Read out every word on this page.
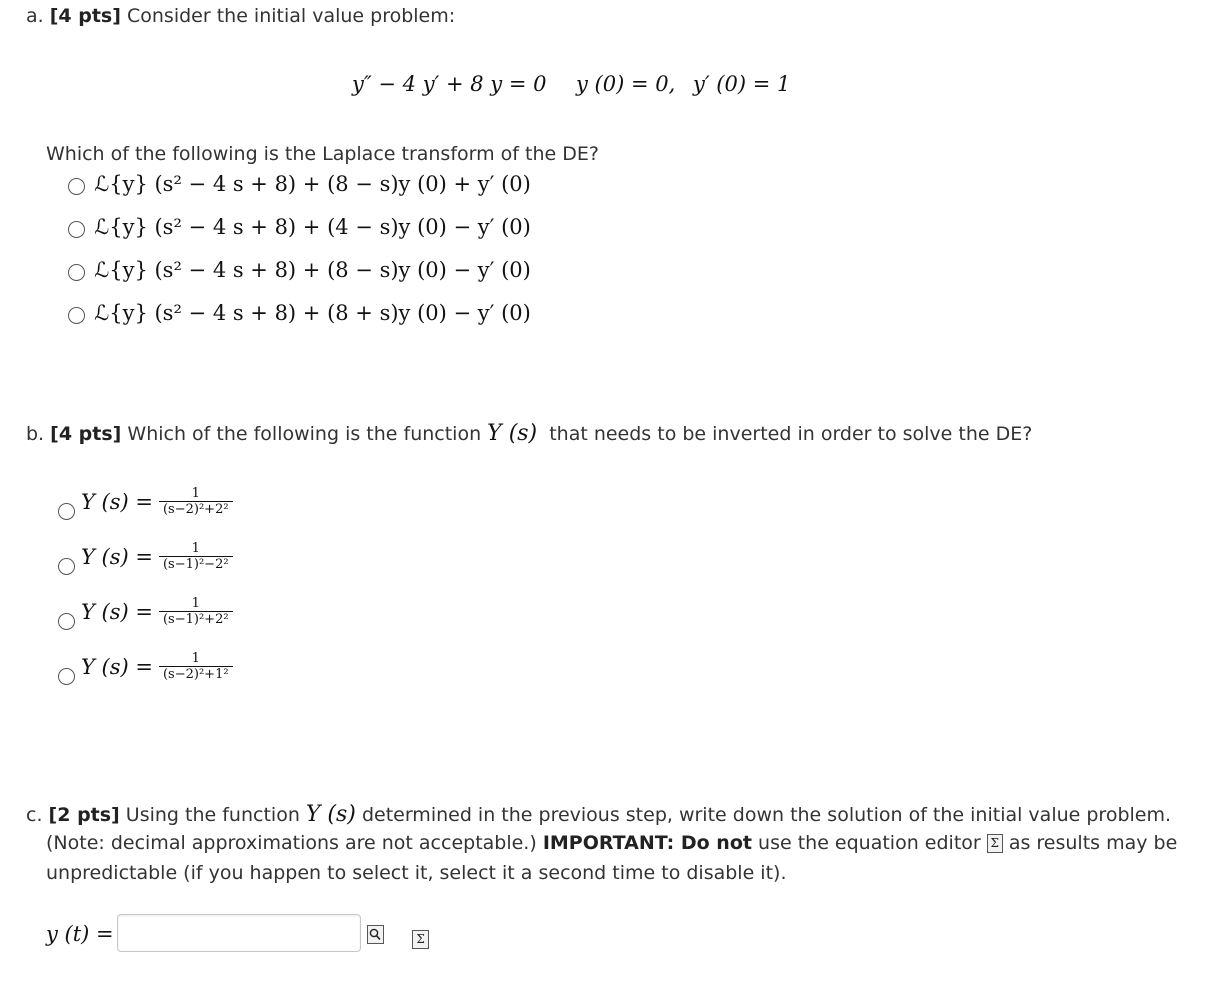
a. [4 pts] Consider the initial value problem:
y″ − 4 y′ + 8 y = 0 y (0) = 0, y′ (0) = 1
Which of the following is the Laplace transform of the DE?
ℒ{y} (s² − 4 s + 8) + (8 − s)y (0) + y′ (0)
ℒ{y} (s² − 4 s + 8) + (4 − s)y (0) − y′ (0)
ℒ{y} (s² − 4 s + 8) + (8 − s)y (0) − y′ (0)
ℒ{y} (s² − 4 s + 8) + (8 + s)y (0) − y′ (0)
b. [4 pts] Which of the following is the function Y (s) that needs to be inverted in order to solve the DE?
Y $(s) = \frac{1}{\text{(s−2)²+2²}}$
Y $(s) = \frac{1}{\text{(s−1)²−2²}}$
Y $(s) = \frac{1}{\text{(s−1)²+2²}}$
Y $(s) = \frac{1}{\text{(s−2)²+1²}}$
c. [2 pts] Using the function Y (s) determined in the previous step, write down the solution of the initial value problem.
(Note: decimal approximations are not acceptable.) IMPORTANT: Do not use the equation editor Σ as results may be
unpredictable (if you happen to select it, select it a second time to disable it).
y (t) =	Σ
